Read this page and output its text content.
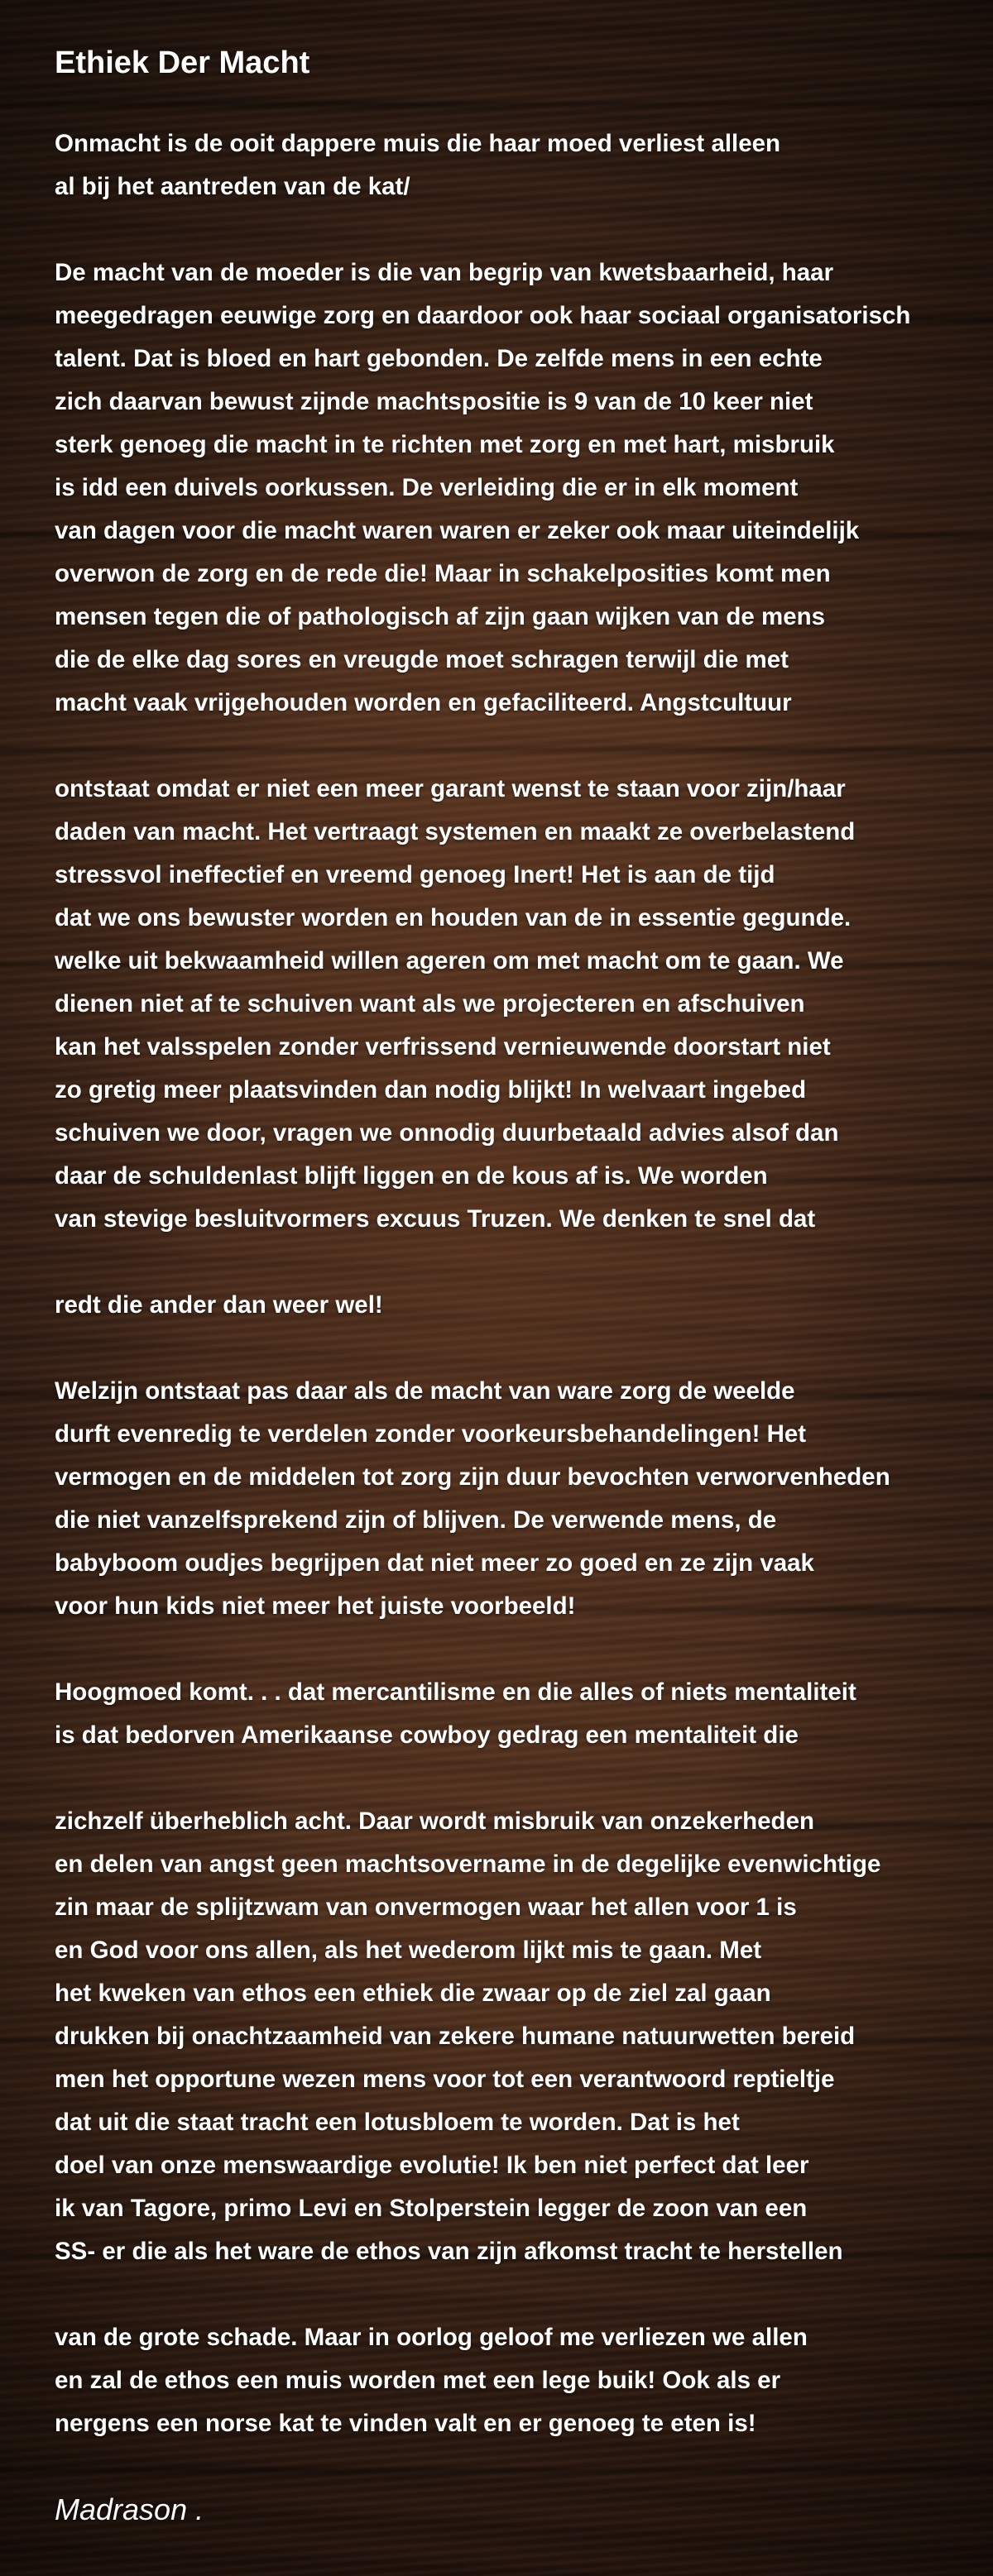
Ethiek Der Macht
Onmacht is de ooit dappere muis die haar moed verliest alleen
al bij het aantreden van de kat/
De macht van de moeder is die van begrip van kwetsbaarheid, haar
meegedragen eeuwige zorg en daardoor ook haar sociaal organisatorisch
talent. Dat is bloed en hart gebonden. De zelfde mens in een echte
zich daarvan bewust zijnde machtspositie is 9 van de 10 keer niet
sterk genoeg die macht in te richten met zorg en met hart, misbruik
is idd een duivels oorkussen. De verleiding die er in elk moment
van dagen voor die macht waren waren er zeker ook maar uiteindelijk
overwon de zorg en de rede die! Maar in schakelposities komt men
mensen tegen die of pathologisch af zijn gaan wijken van de mens
die de elke dag sores en vreugde moet schragen terwijl die met
macht vaak vrijgehouden worden en gefaciliteerd. Angstcultuur
ontstaat omdat er niet een meer garant wenst te staan voor zijn/haar
daden van macht. Het vertraagt systemen en maakt ze overbelastend
stressvol ineffectief en vreemd genoeg Inert! Het is aan de tijd
dat we ons bewuster worden en houden van de in essentie gegunde.
welke uit bekwaamheid willen ageren om met macht om te gaan. We
dienen niet af te schuiven want als we projecteren en afschuiven
kan het valsspelen zonder verfrissend vernieuwende doorstart niet
zo gretig meer plaatsvinden dan nodig blijkt! In welvaart ingebed
schuiven we door, vragen we onnodig duurbetaald advies alsof dan
daar de schuldenlast blijft liggen en de kous af is. We worden
van stevige besluitvormers excuus Truzen. We denken te snel dat
redt die ander dan weer wel!
Welzijn ontstaat pas daar als de macht van ware zorg de weelde
durft evenredig te verdelen zonder voorkeursbehandelingen! Het
vermogen en de middelen tot zorg zijn duur bevochten verworvenheden
die niet vanzelfsprekend zijn of blijven. De verwende mens, de
babyboom oudjes begrijpen dat niet meer zo goed en ze zijn vaak
voor hun kids niet meer het juiste voorbeeld!
Hoogmoed komt. . . dat mercantilisme en die alles of niets mentaliteit
is dat bedorven Amerikaanse cowboy gedrag een mentaliteit die
zichzelf überheblich acht. Daar wordt misbruik van onzekerheden
en delen van angst geen machtsovername in de degelijke evenwichtige
zin maar de splijtzwam van onvermogen waar het allen voor 1 is
en God voor ons allen, als het wederom lijkt mis te gaan. Met
het kweken van ethos een ethiek die zwaar op de ziel zal gaan
drukken bij onachtzaamheid van zekere humane natuurwetten bereid
men het opportune wezen mens voor tot een verantwoord reptieltje
dat uit die staat tracht een lotusbloem te worden. Dat is het
doel van onze menswaardige evolutie! Ik ben niet perfect dat leer
ik van Tagore, primo Levi en Stolperstein legger de zoon van een
SS- er die als het ware de ethos van zijn afkomst tracht te herstellen
van de grote schade. Maar in oorlog geloof me verliezen we allen
en zal de ethos een muis worden met een lege buik! Ook als er
nergens een norse kat te vinden valt en er genoeg te eten is!
Madrason .
